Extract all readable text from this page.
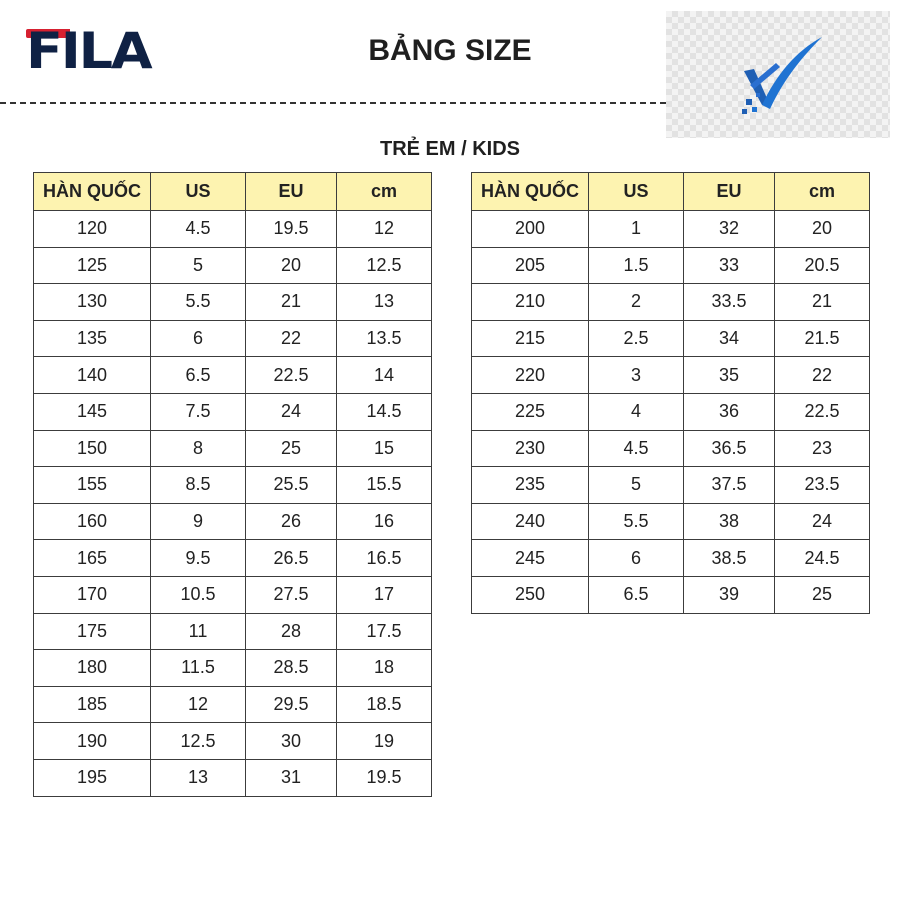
FILA	BẢNG SIZE
TRẺ EM / KIDS
HÀN QUỐC	US	EU	cm
120	4.5	19.5	12
125	5	20	12.5
130	5.5	21	13
135	6	22	13.5
140	6.5	22.5	14
145	7.5	24	14.5
150	8	25	15
155	8.5	25.5	15.5
160	9	26	16
165	9.5	26.5	16.5
170	10.5	27.5	17
175	11	28	17.5
180	11.5	28.5	18
185	12	29.5	18.5
190	12.5	30	19
195	13	31	19.5
HÀN QUỐC	US	EU	cm
200	1	32	20
205	1.5	33	20.5
210	2	33.5	21
215	2.5	34	21.5
220	3	35	22
225	4	36	22.5
230	4.5	36.5	23
235	5	37.5	23.5
240	5.5	38	24
245	6	38.5	24.5
250	6.5	39	25
